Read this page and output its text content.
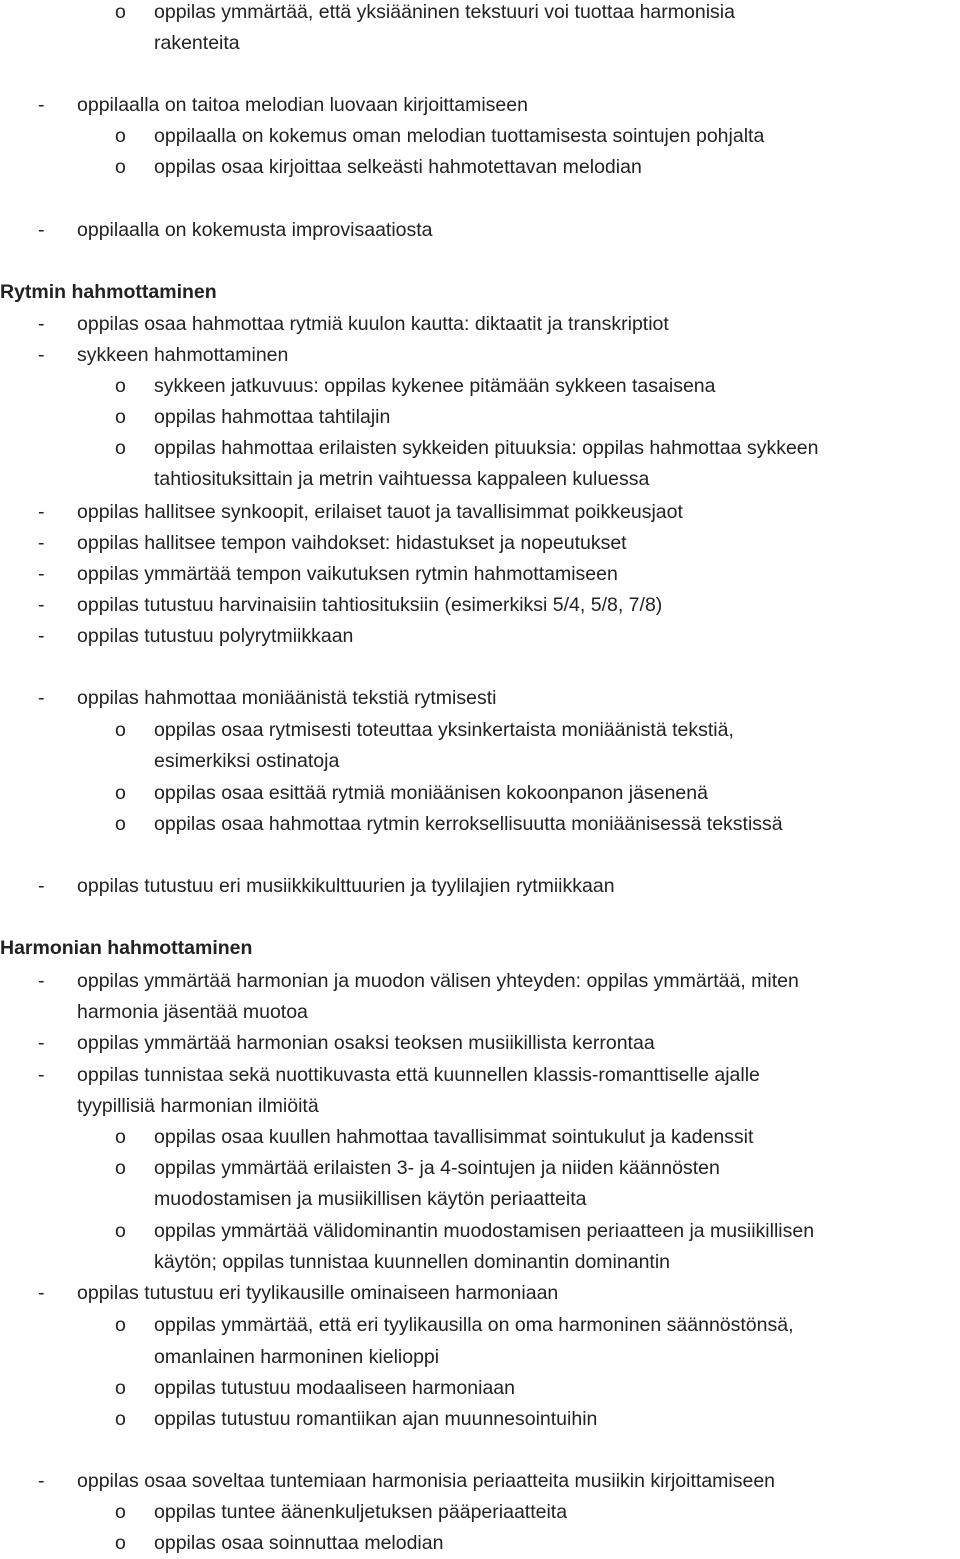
o oppilas ymmärtää, että yksiääninen tekstuuri voi tuottaa harmonisia
rakenteita
- oppilaalla on taitoa melodian luovaan kirjoittamiseen
o oppilaalla on kokemus oman melodian tuottamisesta sointujen pohjalta
o oppilas osaa kirjoittaa selkeästi hahmotettavan melodian
- oppilaalla on kokemusta improvisaatiosta
Rytmin hahmottaminen
- oppilas osaa hahmottaa rytmiä kuulon kautta: diktaatit ja transkriptiot
- sykkeen hahmottaminen
o sykkeen jatkuvuus: oppilas kykenee pitämään sykkeen tasaisena
o oppilas hahmottaa tahtilajin
o oppilas hahmottaa erilaisten sykkeiden pituuksia: oppilas hahmottaa sykkeen
tahtiosituksittain ja metrin vaihtuessa kappaleen kuluessa
- oppilas hallitsee synkoopit, erilaiset tauot ja tavallisimmat poikkeusjaot
- oppilas hallitsee tempon vaihdokset: hidastukset ja nopeutukset
- oppilas ymmärtää tempon vaikutuksen rytmin hahmottamiseen
- oppilas tutustuu harvinaisiin tahtiosituksiin (esimerkiksi 5/4, 5/8, 7/8)
- oppilas tutustuu polyrytmiikkaan
- oppilas hahmottaa moniäänistä tekstiä rytmisesti
o oppilas osaa rytmisesti toteuttaa yksinkertaista moniäänistä tekstiä,
esimerkiksi ostinatoja
o oppilas osaa esittää rytmiä moniäänisen kokoonpanon jäsenenä
o oppilas osaa hahmottaa rytmin kerroksellisuutta moniäänisessä tekstissä
- oppilas tutustuu eri musiikkikulttuurien ja tyylilajien rytmiikkaan
Harmonian hahmottaminen
- oppilas ymmärtää harmonian ja muodon välisen yhteyden: oppilas ymmärtää, miten
harmonia jäsentää muotoa
- oppilas ymmärtää harmonian osaksi teoksen musiikillista kerrontaa
- oppilas tunnistaa sekä nuottikuvasta että kuunnellen klassis-romanttiselle ajalle
tyypillisiä harmonian ilmiöitä
o oppilas osaa kuullen hahmottaa tavallisimmat sointukulut ja kadenssit
o oppilas ymmärtää erilaisten 3- ja 4-sointujen ja niiden käännösten
muodostamisen ja musiikillisen käytön periaatteita
o oppilas ymmärtää välidominantin muodostamisen periaatteen ja musiikillisen
käytön; oppilas tunnistaa kuunnellen dominantin dominantin
- oppilas tutustuu eri tyylikausille ominaiseen harmoniaan
o oppilas ymmärtää, että eri tyylikausilla on oma harmoninen säännöstönsä,
omanlainen harmoninen kielioppi
o oppilas tutustuu modaaliseen harmoniaan
o oppilas tutustuu romantiikan ajan muunnesointuihin
- oppilas osaa soveltaa tuntemiaan harmonisia periaatteita musiikin kirjoittamiseen
o oppilas tuntee äänenkuljetuksen pääperiaatteita
o oppilas osaa soinnuttaa melodian
